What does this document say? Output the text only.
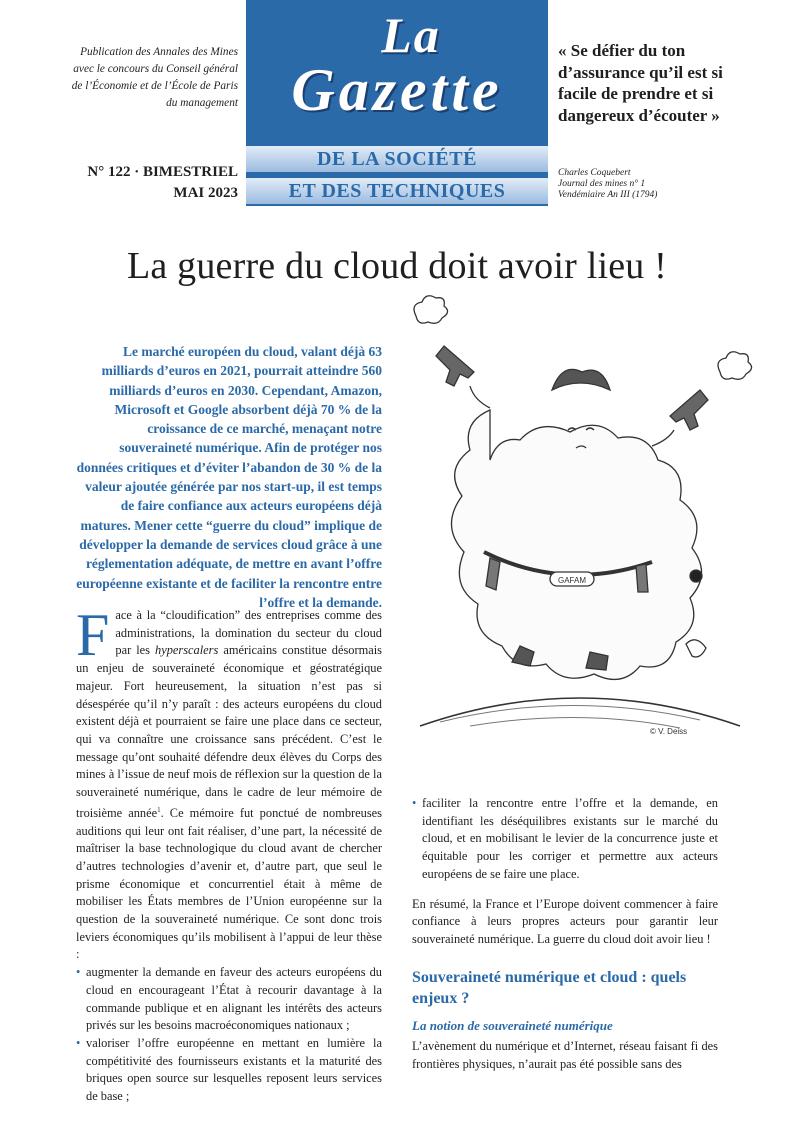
Publication des Annales des Mines avec le concours du Conseil général de l’Économie et de l’École de Paris du management
N° 122 · BIMESTRIEL
MAI 2023
La
Gazette
DE LA SOCIÉTÉ
ET DES TECHNIQUES
« Se défier du ton d’assurance qu’il est si facile de prendre et si dangereux d’écouter »
Charles Coquebert
Journal des mines n° 1
Vendémiaire An III (1794)
La guerre du cloud doit avoir lieu !
Le marché européen du cloud, valant déjà 63 milliards d’euros en 2021, pourrait atteindre 560 milliards d’euros en 2030. Cependant, Amazon, Microsoft et Google absorbent déjà 70 % de la croissance de ce marché, menaçant notre souveraineté numérique. Afin de protéger nos données critiques et d’éviter l’abandon de 30 % de la valeur ajoutée générée par nos start-up, il est temps de faire confiance aux acteurs européens déjà matures. Mener cette “guerre du cloud” implique de développer la demande de services cloud grâce à une réglementation adéquate, de mettre en avant l’offre européenne existante et de faciliter la rencontre entre l’offre et la demande.
GAFAM
© V. Deiss

Face à la “cloudification” des entreprises comme des administrations, la domination du secteur du cloud par les hyperscalers américains constitue désormais un enjeu de souveraineté économique et géostratégique majeur. Fort heureusement, la situation n’est pas si désespérée qu’il n’y paraît : des acteurs européens du cloud existent déjà et pourraient se faire une place dans ce secteur, qui va connaître une croissance sans précédent. C’est le message qu’ont souhaité défendre deux élèves du Corps des mines à l’issue de neuf mois de réflexion sur la question de la souveraineté numérique, dans le cadre de leur mémoire de troisième année$^1$. Ce mémoire fut ponctué de nombreuses auditions qui leur ont fait réaliser, d’une part, la nécessité de maîtriser la base technologique du cloud avant de chercher d’autres technologies d’avenir et, d’autre part, que seul le prisme économique et concurrentiel était à même de mobiliser les États membres de l’Union européenne sur la question de la souveraineté numérique. Ce sont donc trois leviers économiques qu’ils mobilisent à l’appui de leur thèse :

• augmenter la demande en faveur des acteurs européens du cloud en encourageant l’État à recourir davantage à la commande publique et en alignant les intérêts des acteurs privés sur les besoins macroéconomiques nationaux ;
• valoriser l’offre européenne en mettant en lumière la compétitivité des fournisseurs existants et la maturité des briques open source sur lesquelles reposent leurs services de base ;
• faciliter la rencontre entre l’offre et la demande, en identifiant les déséquilibres existants sur le marché du cloud, et en mobilisant le levier de la concurrence juste et équitable pour les corriger et permettre aux acteurs européens de se faire une place.

En résumé, la France et l’Europe doivent commencer à faire confiance à leurs propres acteurs pour garantir leur souveraineté numérique. La guerre du cloud doit avoir lieu !

Souveraineté numérique et cloud : quels enjeux ?

La notion de souveraineté numérique

L’avènement du numérique et d’Internet, réseau faisant fi des frontières physiques, n’aurait pas été possible sans des
